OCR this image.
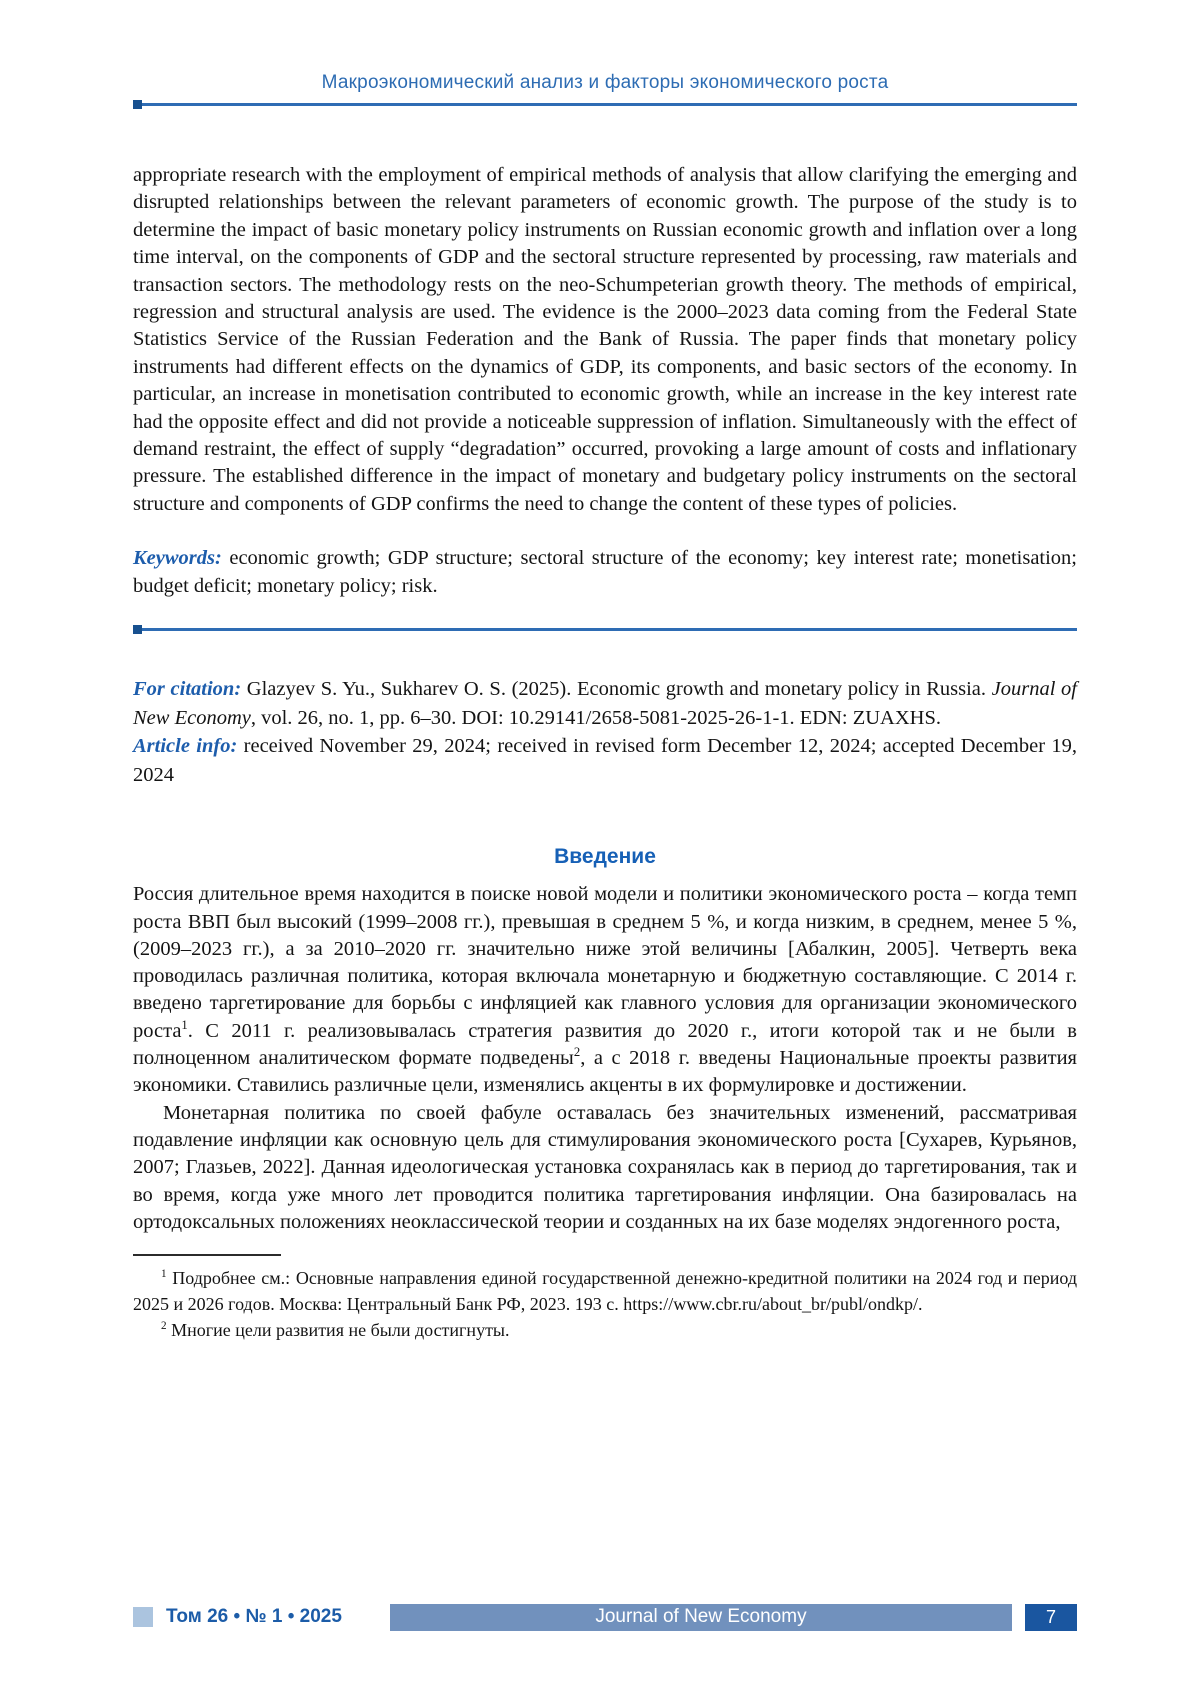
Макроэкономический анализ и факторы экономического роста

appropriate research with the employment of empirical methods of analysis that allow clarifying the emerging and disrupted relationships between the relevant parameters of economic growth. The purpose of the study is to determine the impact of basic monetary policy instruments on Russian economic growth and inflation over a long time interval, on the components of GDP and the sectoral structure represented by processing, raw materials and transaction sectors. The methodology rests on the neo-Schumpeterian growth theory. The methods of empirical, regression and structural analysis are used. The evidence is the 2000–2023 data coming from the Federal State Statistics Service of the Russian Federation and the Bank of Russia. The paper finds that monetary policy instruments had different effects on the dynamics of GDP, its components, and basic sectors of the economy. In particular, an increase in monetisation contributed to economic growth, while an increase in the key interest rate had the opposite effect and did not provide a noticeable suppression of inflation. Simultaneously with the effect of demand restraint, the effect of supply “degradation” occurred, provoking a large amount of costs and inflationary pressure. The established difference in the impact of monetary and budgetary policy instruments on the sectoral structure and components of GDP confirms the need to change the content of these types of policies.

Keywords: economic growth; GDP structure; sectoral structure of the economy; key interest rate; monetisation; budget deficit; monetary policy; risk.

For citation: Glazyev S. Yu., Sukharev O. S. (2025). Economic growth and monetary policy in Russia. Journal of New Economy, vol. 26, no. 1, pp. 6–30. DOI: 10.29141/2658-5081-2025-26-1-1. EDN: ZUAXHS.

Article info: received November 29, 2024; received in revised form December 12, 2024; accepted December 19, 2024

Введение

Россия длительное время находится в поиске новой модели и политики экономического роста – когда темп роста ВВП был высокий (1999–2008 гг.), превышая в среднем 5 %, и когда низким, в среднем, менее 5 %, (2009–2023 гг.), а за 2010–2020 гг. значительно ниже этой величины [Абалкин, 2005]. Четверть века проводилась различная политика, которая включала монетарную и бюджетную составляющие. С 2014 г. введено таргетирование для борьбы с инфляцией как главного условия для организации экономического роста$^1$. С 2011 г. реализовывалась стратегия развития до 2020 г., итоги которой так и не были в полноценном аналитическом формате подведены$^2$, а с 2018 г. введены Национальные проекты развития экономики. Ставились различные цели, изменялись акценты в их формулировке и достижении.

Монетарная политика по своей фабуле оставалась без значительных изменений, рассматривая подавление инфляции как основную цель для стимулирования экономического роста [Сухарев, Курьянов, 2007; Глазьев, 2022]. Данная идеологическая установка сохранялась как в период до таргетирования, так и во время, когда уже много лет проводится политика таргетирования инфляции. Она базировалась на ортодоксальных положениях неоклассической теории и созданных на их базе моделях эндогенного роста,

$^1$ Подробнее см.: Основные направления единой государственной денежно-кредитной политики на 2024 год и период 2025 и 2026 годов. Москва: Центральный Банк РФ, 2023. 193 с. https://www.cbr.ru/about_br/publ/ondkp/.

$^2$ Многие цели развития не были достигнуты.

Том 26 • № 1 • 2025	Journal of New Economy	7
